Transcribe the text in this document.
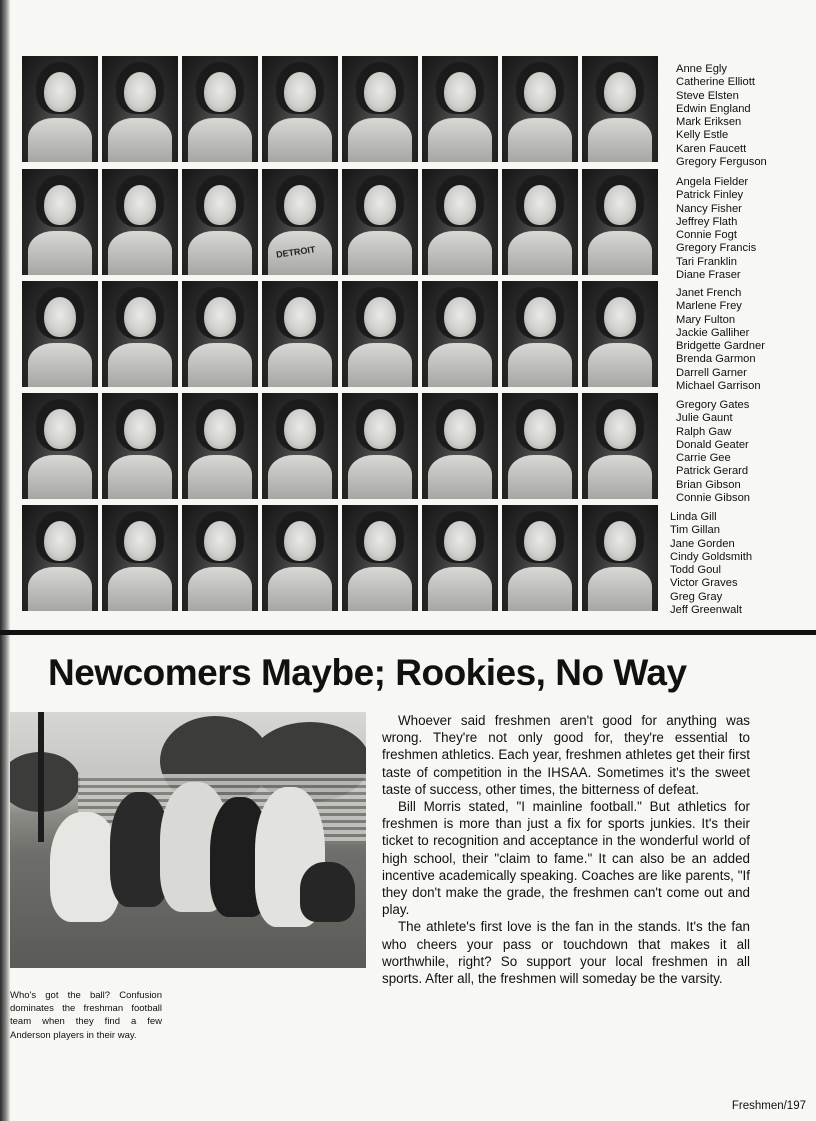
DETROIT
Anne Egly
Catherine Elliott
Steve Elsten
Edwin England
Mark Eriksen
Kelly Estle
Karen Faucett
Gregory Ferguson
Angela Fielder
Patrick Finley
Nancy Fisher
Jeffrey Flath
Connie Fogt
Gregory Francis
Tari Franklin
Diane Fraser
Janet French
Marlene Frey
Mary Fulton
Jackie Galliher
Bridgette Gardner
Brenda Garmon
Darrell Garner
Michael Garrison
Gregory Gates
Julie Gaunt
Ralph Gaw
Donald Geater
Carrie Gee
Patrick Gerard
Brian Gibson
Connie Gibson
Linda Gill
Tim Gillan
Jane Gorden
Cindy Goldsmith
Todd Goul
Victor Graves
Greg Gray
Jeff Greenwalt
Newcomers Maybe; Rookies, No Way
Who's got the ball? Confusion dominates the freshman football team when they find a few Anderson players in their way.

Whoever said freshmen aren't good for anything was wrong. They're not only good for, they're essential to freshmen athletics. Each year, freshmen athletes get their first taste of competition in the IHSAA. Sometimes it's the sweet taste of success, other times, the bitterness of defeat.

Bill Morris stated, "I mainline football." But athletics for freshmen is more than just a fix for sports junkies. It's their ticket to recognition and acceptance in the wonderful world of high school, their "claim to fame." It can also be an added incentive academically speaking. Coaches are like parents, "If they don't make the grade, the freshmen can't come out and play.

The athlete's first love is the fan in the stands. It's the fan who cheers your pass or touchdown that makes it all worthwhile, right? So support your local freshmen in all sports. After all, the freshmen will someday be the varsity.

Freshmen/197
